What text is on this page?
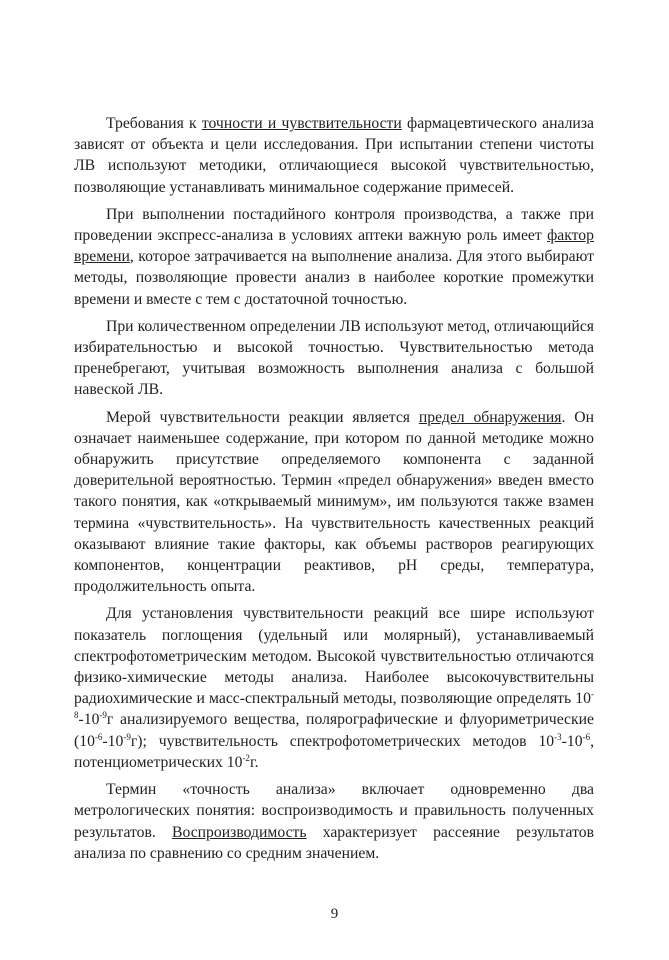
Требования к точности и чувствительности фармацевтического анализа зависят от объекта и цели исследования. При испытании степени чистоты ЛВ используют методики, отличающиеся высокой чувствительностью, позволяющие устанавливать минимальное содержание примесей.

При выполнении постадийного контроля производства, а также при проведении экспресс-анализа в условиях аптеки важную роль имеет фактор времени, которое затрачивается на выполнение анализа. Для этого выбирают методы, позволяющие провести анализ в наиболее короткие промежутки времени и вместе с тем с достаточной точностью.

При количественном определении ЛВ используют метод, отличающийся избирательностью и высокой точностью. Чувствительностью метода пренебрегают, учитывая возможность выполнения анализа с большой навеской ЛВ.

Мерой чувствительности реакции является предел обнаружения. Он означает наименьшее содержание, при котором по данной методике можно обнаружить присутствие определяемого компонента с заданной доверительной вероятностью. Термин «предел обнаружения» введен вместо такого понятия, как «открываемый минимум», им пользуются также взамен термина «чувствительность». На чувствительность качественных реакций оказывают влияние такие факторы, как объемы растворов реагирующих компонентов, концентрации реактивов, pH среды, температура, продолжительность опыта.

Для установления чувствительности реакций все шире используют показатель поглощения (удельный или молярный), устанавливаемый спектрофотометрическим методом. Высокой чувствительностью отличаются физико-химические методы анализа. Наиболее высокочувствительны радиохимические и масс-спектральный методы, позволяющие определять $10^{-8}-10^{-9}г$ анализируемого вещества, полярографические и флуориметрические $(10^{-6}-10^{-9}г)$; чувствительность спектрофотометрических методов $10^{-3}-10^{-6}$, потенциометрических $10^{-2}г$.

Термин «точность анализа» включает одновременно два метрологических понятия: воспроизводимость и правильность полученных результатов. Воспроизводимость характеризует рассеяние результатов анализа по сравнению со средним значением.

9
